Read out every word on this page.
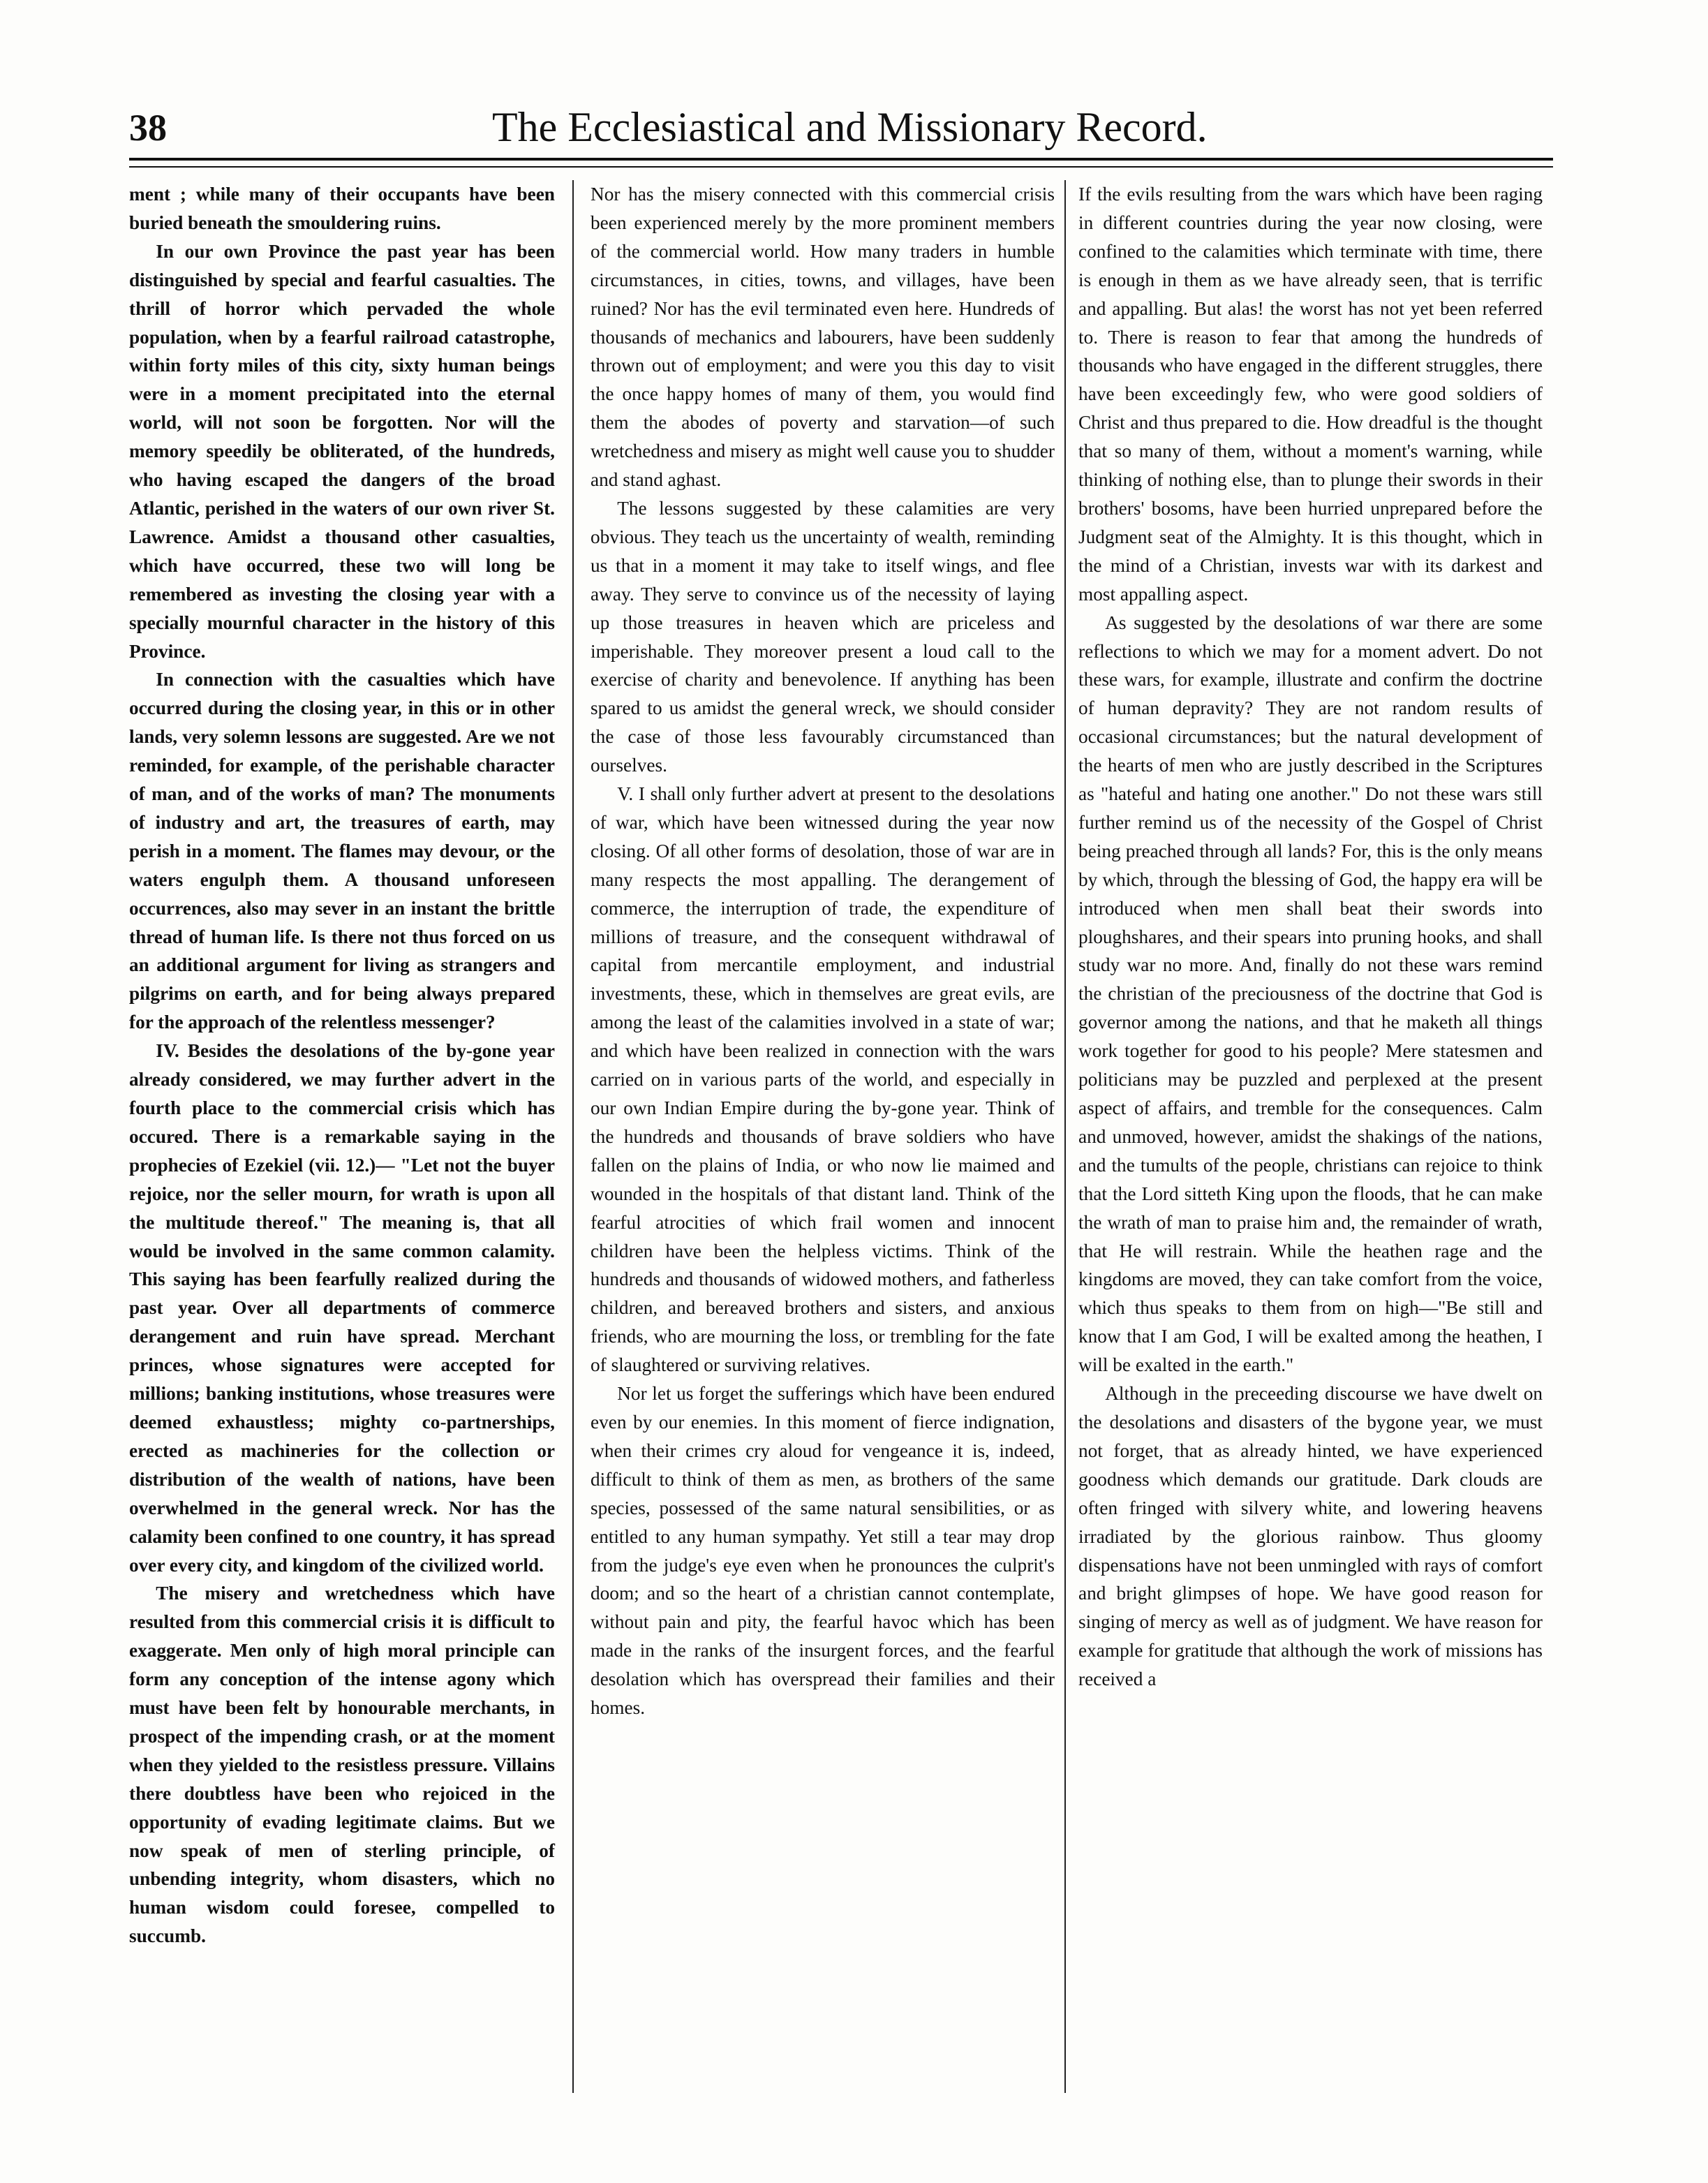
38	The Ecclesiastical and Missionary Record.

ment ; while many of their occupants have been buried beneath the smouldering ruins.

In our own Province the past year has been distinguished by special and fearful casualties. The thrill of horror which pervaded the whole population, when by a fearful railroad catastrophe, within forty miles of this city, sixty human beings were in a moment precipitated into the eternal world, will not soon be forgotten. Nor will the memory speedily be obliterated, of the hundreds, who having escaped the dangers of the broad Atlantic, perished in the waters of our own river St. Lawrence. Amidst a thousand other casualties, which have occurred, these two will long be remembered as investing the closing year with a specially mournful character in the history of this Province.

In connection with the casualties which have occurred during the closing year, in this or in other lands, very solemn lessons are suggested. Are we not reminded, for example, of the perishable character of man, and of the works of man? The monuments of industry and art, the treasures of earth, may perish in a moment. The flames may devour, or the waters engulph them. A thousand unforeseen occurrences, also may sever in an instant the brittle thread of human life. Is there not thus forced on us an additional argument for living as strangers and pilgrims on earth, and for being always prepared for the approach of the relentless messenger?

IV. Besides the desolations of the by-gone year already considered, we may further advert in the fourth place to the commercial crisis which has occured. There is a remarkable saying in the prophecies of Ezekiel (vii. 12.)— "Let not the buyer rejoice, nor the seller mourn, for wrath is upon all the multitude thereof." The meaning is, that all would be involved in the same common calamity. This saying has been fearfully realized during the past year. Over all departments of commerce derangement and ruin have spread. Merchant princes, whose signatures were accepted for millions; banking institutions, whose treasures were deemed exhaustless; mighty co-partnerships, erected as machineries for the collection or distribution of the wealth of nations, have been overwhelmed in the general wreck. Nor has the calamity been confined to one country, it has spread over every city, and kingdom of the civilized world.

The misery and wretchedness which have resulted from this commercial crisis it is difficult to exaggerate. Men only of high moral principle can form any conception of the intense agony which must have been felt by honourable merchants, in prospect of the impending crash, or at the moment when they yielded to the resistless pressure. Villains there doubtless have been who rejoiced in the opportunity of evading legitimate claims. But we now speak of men of sterling principle, of unbending integrity, whom disasters, which no human wisdom could foresee, compelled to succumb.

Nor has the misery connected with this commercial crisis been experienced merely by the more prominent members of the commercial world. How many traders in humble circumstances, in cities, towns, and villages, have been ruined? Nor has the evil terminated even here. Hundreds of thousands of mechanics and labourers, have been suddenly thrown out of employment; and were you this day to visit the once happy homes of many of them, you would find them the abodes of poverty and starvation—of such wretchedness and misery as might well cause you to shudder and stand aghast.

The lessons suggested by these calamities are very obvious. They teach us the uncertainty of wealth, reminding us that in a moment it may take to itself wings, and flee away. They serve to convince us of the necessity of laying up those treasures in heaven which are priceless and imperishable. They moreover present a loud call to the exercise of charity and benevolence. If anything has been spared to us amidst the general wreck, we should consider the case of those less favourably circumstanced than ourselves.

V. I shall only further advert at present to the desolations of war, which have been witnessed during the year now closing. Of all other forms of desolation, those of war are in many respects the most appalling. The derangement of commerce, the interruption of trade, the expenditure of millions of treasure, and the consequent withdrawal of capital from mercantile employment, and industrial investments, these, which in themselves are great evils, are among the least of the calamities involved in a state of war; and which have been realized in connection with the wars carried on in various parts of the world, and especially in our own Indian Empire during the by-gone year. Think of the hundreds and thousands of brave soldiers who have fallen on the plains of India, or who now lie maimed and wounded in the hospitals of that distant land. Think of the fearful atrocities of which frail women and innocent children have been the helpless victims. Think of the hundreds and thousands of widowed mothers, and fatherless children, and bereaved brothers and sisters, and anxious friends, who are mourning the loss, or trembling for the fate of slaughtered or surviving relatives.

Nor let us forget the sufferings which have been endured even by our enemies. In this moment of fierce indignation, when their crimes cry aloud for vengeance it is, indeed, difficult to think of them as men, as brothers of the same species, possessed of the same natural sensibilities, or as entitled to any human sympathy. Yet still a tear may drop from the judge's eye even when he pronounces the culprit's doom; and so the heart of a christian cannot contemplate, without pain and pity, the fearful havoc which has been made in the ranks of the insurgent forces, and the fearful desolation which has overspread their families and their homes.

If the evils resulting from the wars which have been raging in different countries during the year now closing, were confined to the calamities which terminate with time, there is enough in them as we have already seen, that is terrific and appalling. But alas! the worst has not yet been referred to. There is reason to fear that among the hundreds of thousands who have engaged in the different struggles, there have been exceedingly few, who were good soldiers of Christ and thus prepared to die. How dreadful is the thought that so many of them, without a moment's warning, while thinking of nothing else, than to plunge their swords in their brothers' bosoms, have been hurried unprepared before the Judgment seat of the Almighty. It is this thought, which in the mind of a Christian, invests war with its darkest and most appalling aspect.

As suggested by the desolations of war there are some reflections to which we may for a moment advert. Do not these wars, for example, illustrate and confirm the doctrine of human depravity? They are not random results of occasional circumstances; but the natural development of the hearts of men who are justly described in the Scriptures as "hateful and hating one another." Do not these wars still further remind us of the necessity of the Gospel of Christ being preached through all lands? For, this is the only means by which, through the blessing of God, the happy era will be introduced when men shall beat their swords into ploughshares, and their spears into pruning hooks, and shall study war no more. And, finally do not these wars remind the christian of the preciousness of the doctrine that God is governor among the nations, and that he maketh all things work together for good to his people? Mere statesmen and politicians may be puzzled and perplexed at the present aspect of affairs, and tremble for the consequences. Calm and unmoved, however, amidst the shakings of the nations, and the tumults of the people, christians can rejoice to think that the Lord sitteth King upon the floods, that he can make the wrath of man to praise him and, the remainder of wrath, that He will restrain. While the heathen rage and the kingdoms are moved, they can take comfort from the voice, which thus speaks to them from on high—"Be still and know that I am God, I will be exalted among the heathen, I will be exalted in the earth."

Although in the preceeding discourse we have dwelt on the desolations and disasters of the bygone year, we must not forget, that as already hinted, we have experienced goodness which demands our gratitude. Dark clouds are often fringed with silvery white, and lowering heavens irradiated by the glorious rainbow. Thus gloomy dispensations have not been unmingled with rays of comfort and bright glimpses of hope. We have good reason for singing of mercy as well as of judgment. We have reason for example for gratitude that although the work of missions has received a
